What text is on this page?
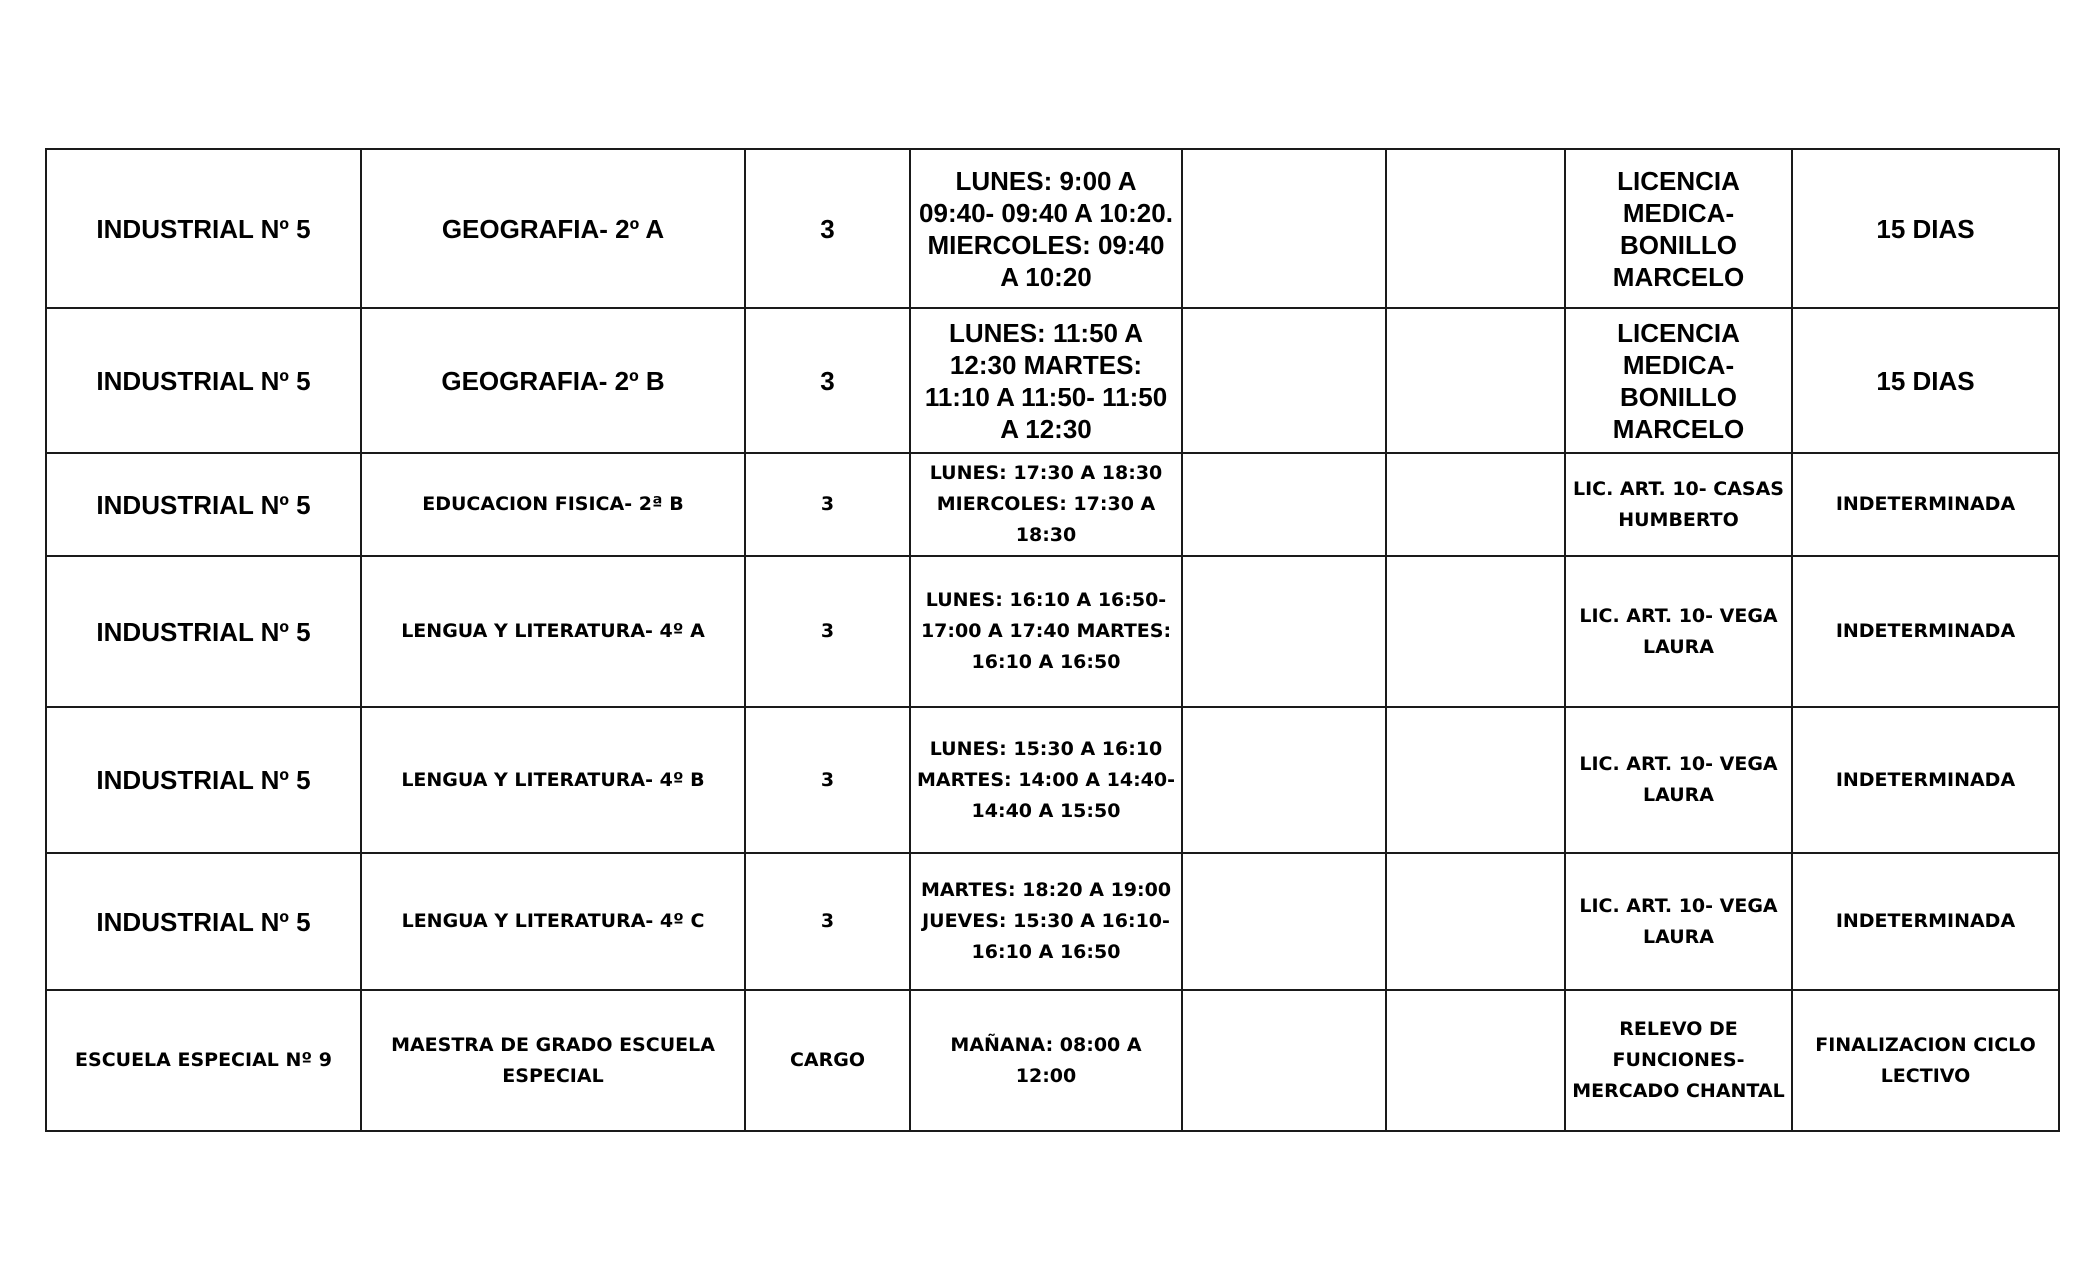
INDUSTRIAL Nº 5	GEOGRAFIA- 2º A	3	LUNES: 9:00 A 09:40- 09:40 A 10:20. MIERCOLES: 09:40 A 10:20			LICENCIA MEDICA- BONILLO MARCELO	15 DIAS
INDUSTRIAL Nº 5	GEOGRAFIA- 2º B	3	LUNES: 11:50 A 12:30 MARTES: 11:10 A 11:50- 11:50 A 12:30			LICENCIA MEDICA- BONILLO MARCELO	15 DIAS
INDUSTRIAL Nº 5	EDUCACION FISICA- 2ª B	3	LUNES: 17:30 A 18:30 MIERCOLES: 17:30 A 18:30			LIC. ART. 10- CASAS HUMBERTO	INDETERMINADA
INDUSTRIAL Nº 5	LENGUA Y LITERATURA- 4º A	3	LUNES: 16:10 A 16:50- 17:00 A 17:40 MARTES: 16:10 A 16:50			LIC. ART. 10- VEGA LAURA	INDETERMINADA
INDUSTRIAL Nº 5	LENGUA Y LITERATURA- 4º B	3	LUNES: 15:30 A 16:10 MARTES: 14:00 A 14:40- 14:40 A 15:50			LIC. ART. 10- VEGA LAURA	INDETERMINADA
INDUSTRIAL Nº 5	LENGUA Y LITERATURA- 4º C	3	MARTES: 18:20 A 19:00 JUEVES: 15:30 A 16:10- 16:10 A 16:50			LIC. ART. 10- VEGA LAURA	INDETERMINADA
ESCUELA ESPECIAL Nº 9	MAESTRA DE GRADO ESCUELA ESPECIAL	CARGO	MAÑANA: 08:00 A 12:00			RELEVO DE FUNCIONES- MERCADO CHANTAL	FINALIZACION CICLO LECTIVO
